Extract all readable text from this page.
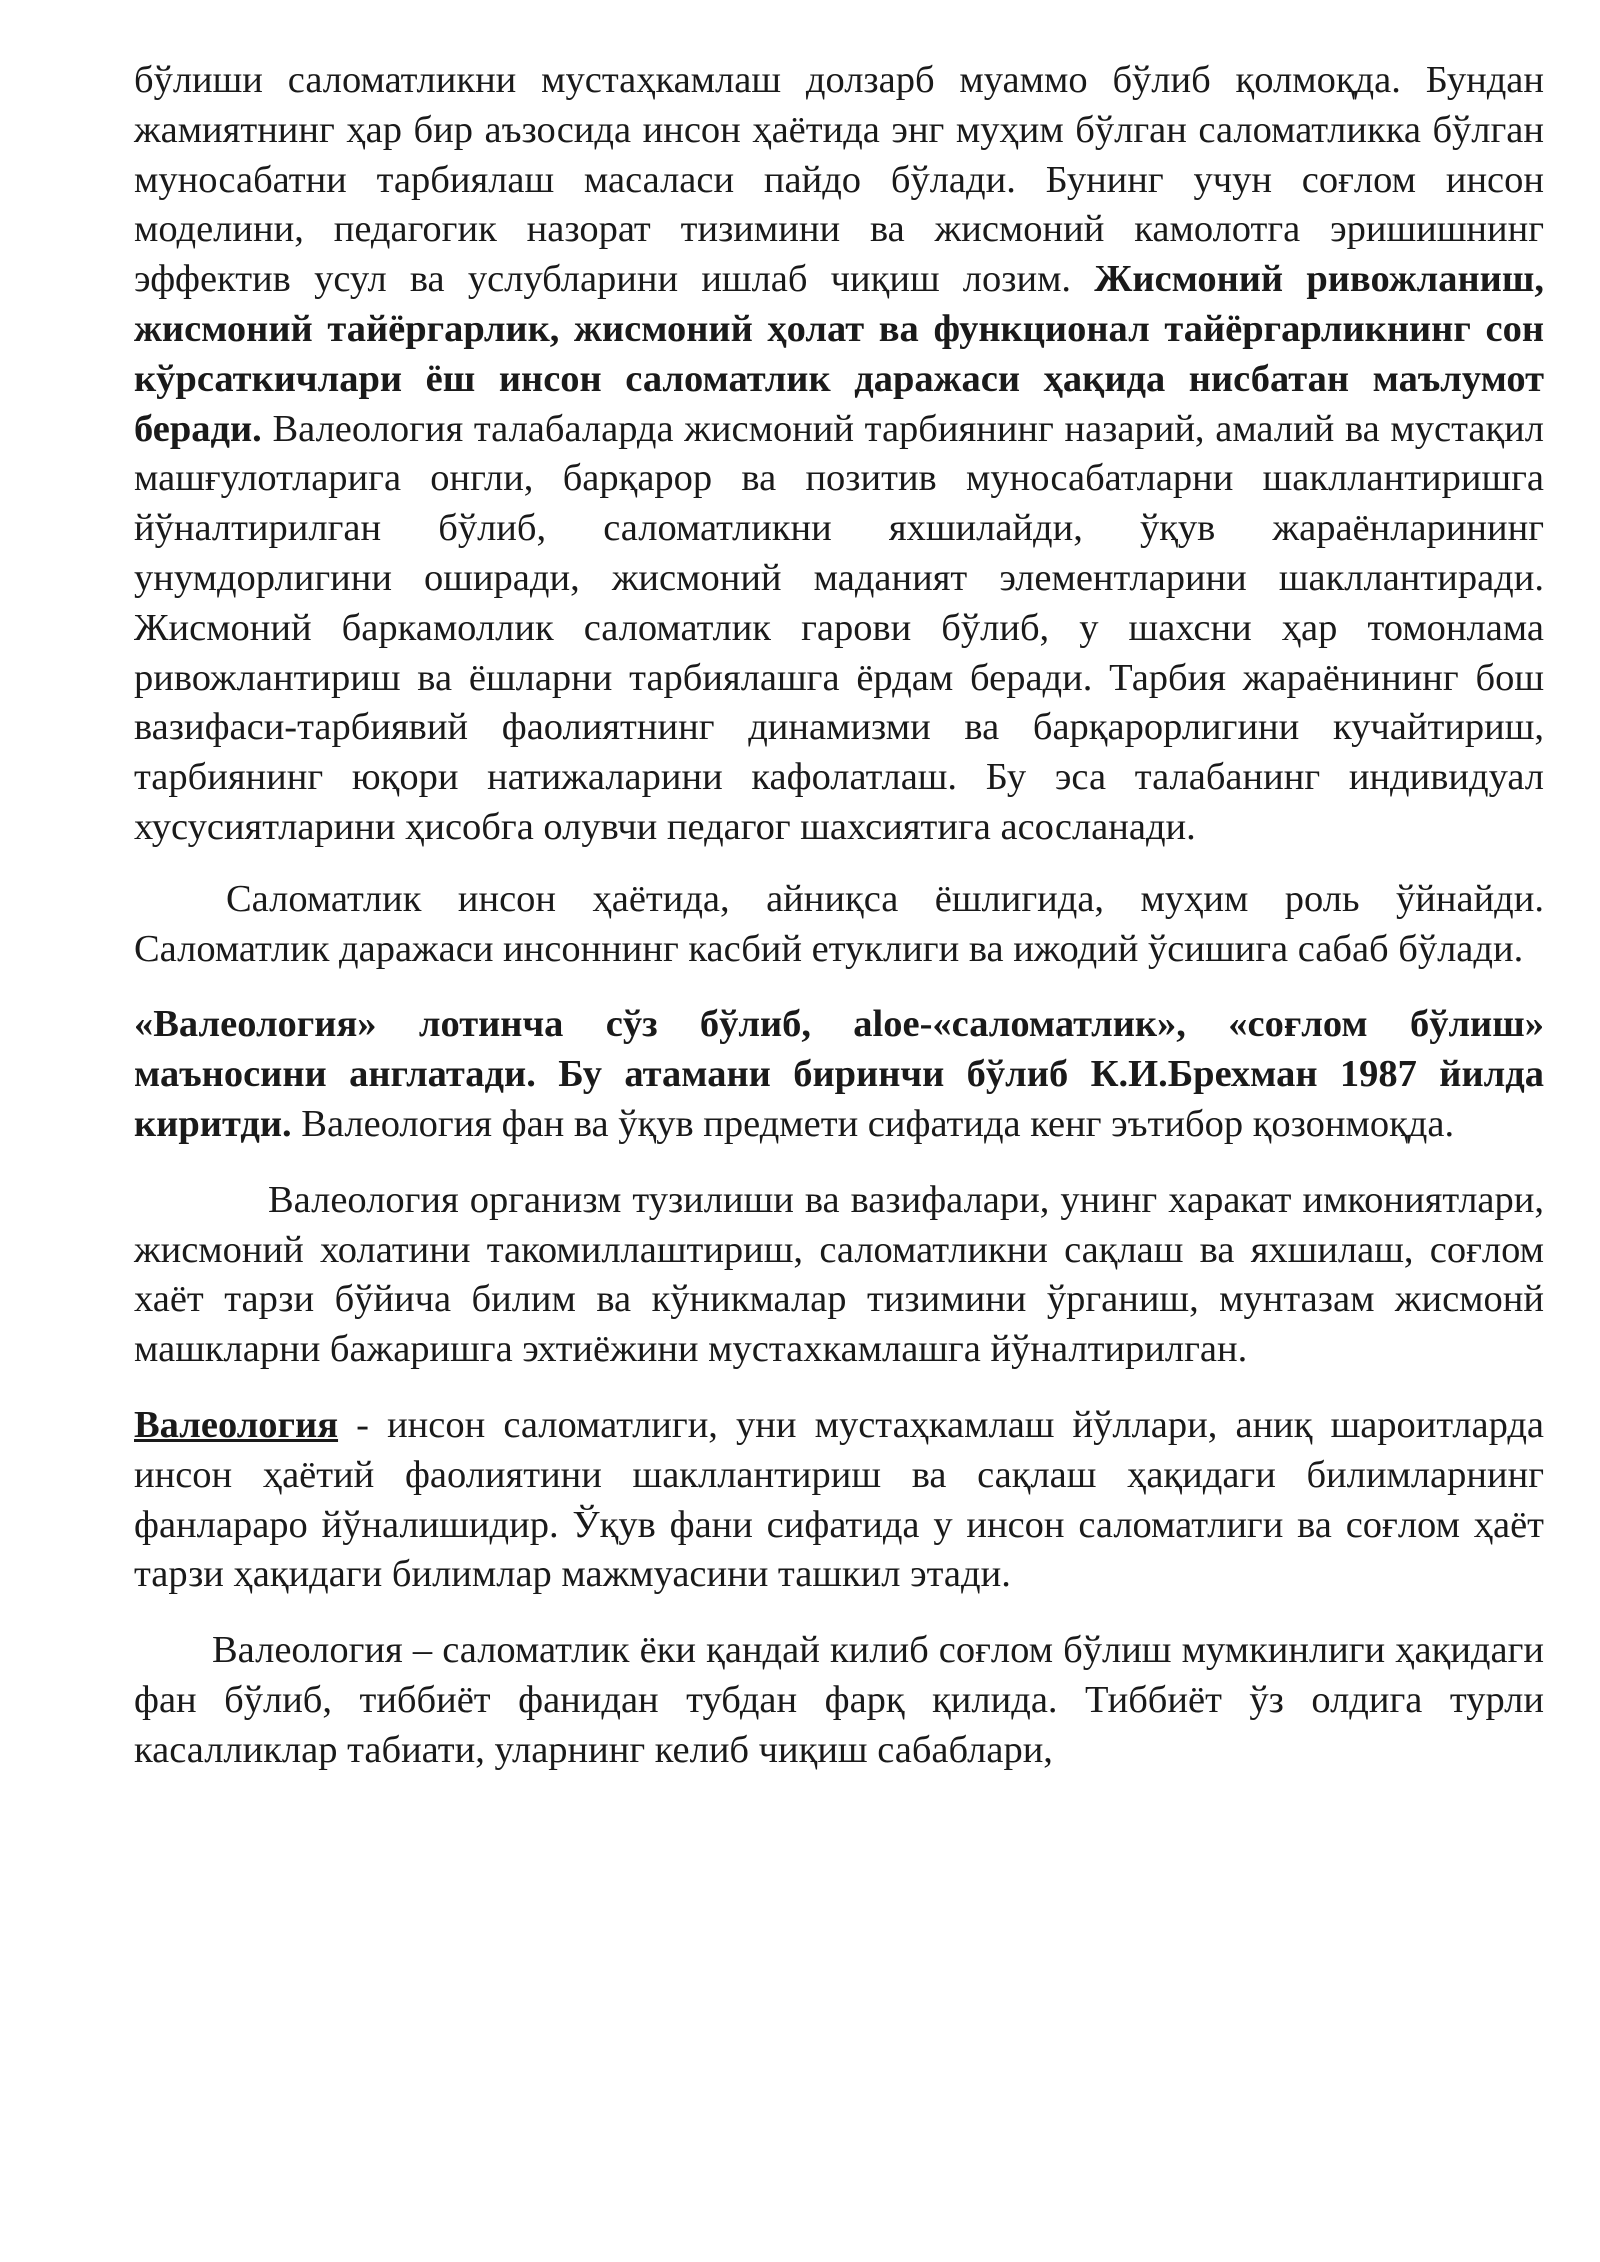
бўлиши саломатликни мустаҳкамлаш долзарб муаммо бўлиб қолмоқда. Бундан жамиятнинг ҳар бир аъзосида инсон ҳаётида энг муҳим бўлган саломатликка бўлган муносабатни тарбиялаш масаласи пайдо бўлади. Бунинг учун соғлом инсон моделини, педагогик назорат тизимини ва жисмоний камолотга эришишнинг эффектив усул ва услубларини ишлаб чиқиш лозим. Жисмоний ривожланиш, жисмоний тайёргарлик, жисмоний ҳолат ва функционал тайёргарликнинг сон кўрсаткичлари ёш инсон саломатлик даражаси ҳақида нисбатан маълумот беради. Валеология талабаларда жисмоний тарбиянинг назарий, амалий ва мустақил машғулотларига онгли, барқарор ва позитив муносабатларни шакллантиришга йўналтирилган бўлиб, саломатликни яхшилайди, ўқув жараёнларининг унумдорлигини оширади, жисмоний маданият элементларини шакллантиради. Жисмоний баркамоллик саломатлик гарови бўлиб, у шахсни ҳар томонлама ривожлантириш ва ёшларни тарбиялашга ёрдам беради. Тарбия жараёнининг бош вазифаси-тарбиявий фаолиятнинг динамизми ва барқарорлигини кучайтириш, тарбиянинг юқори натижаларини кафолатлаш. Бу эса талабанинг индивидуал хусусиятларини ҳисобга олувчи педагог шахсиятига асосланади.

Саломатлик инсон ҳаётида, айниқса ёшлигида, муҳим роль ўйнайди. Саломатлик даражаси инсоннинг касбий етуклиги ва ижодий ўсишига сабаб бўлади.

«Валеология» лотинча сўз бўлиб, aloe-«саломатлик», «соғлом бўлиш» маъносини англатади. Бу атамани биринчи бўлиб К.И.Брехман 1987 йилда киритди. Валеология фан ва ўқув предмети сифатида кенг эътибор қозонмоқда.

Валеология организм тузилиши ва вазифалари, унинг харакат имкониятлари, жисмоний холатини такомиллаштириш, саломатликни сақлаш ва яхшилаш, соғлом хаёт тарзи бўйича билим ва кўникмалар тизимини ўрганиш, мунтазам жисмонй машкларни бажаришга эхтиёжини мустахкамлашга йўналтирилган.

Валеология - инсон саломатлиги, уни мустаҳкамлаш йўллари, аниқ шароитларда инсон ҳаётий фаолиятини шакллантириш ва сақлаш ҳақидаги билимларнинг фанлараро йўналишидир. Ўқув фани сифатида у инсон саломатлиги ва соғлом ҳаёт тарзи ҳақидаги билимлар мажмуасини ташкил этади.

Валеология – саломатлик ёки қандай килиб соғлом бўлиш мумкинлиги ҳақидаги фан бўлиб, тиббиёт фанидан тубдан фарқ қилида. Тиббиёт ўз олдига турли касалликлар табиати, уларнинг келиб чиқиш сабаблари,
